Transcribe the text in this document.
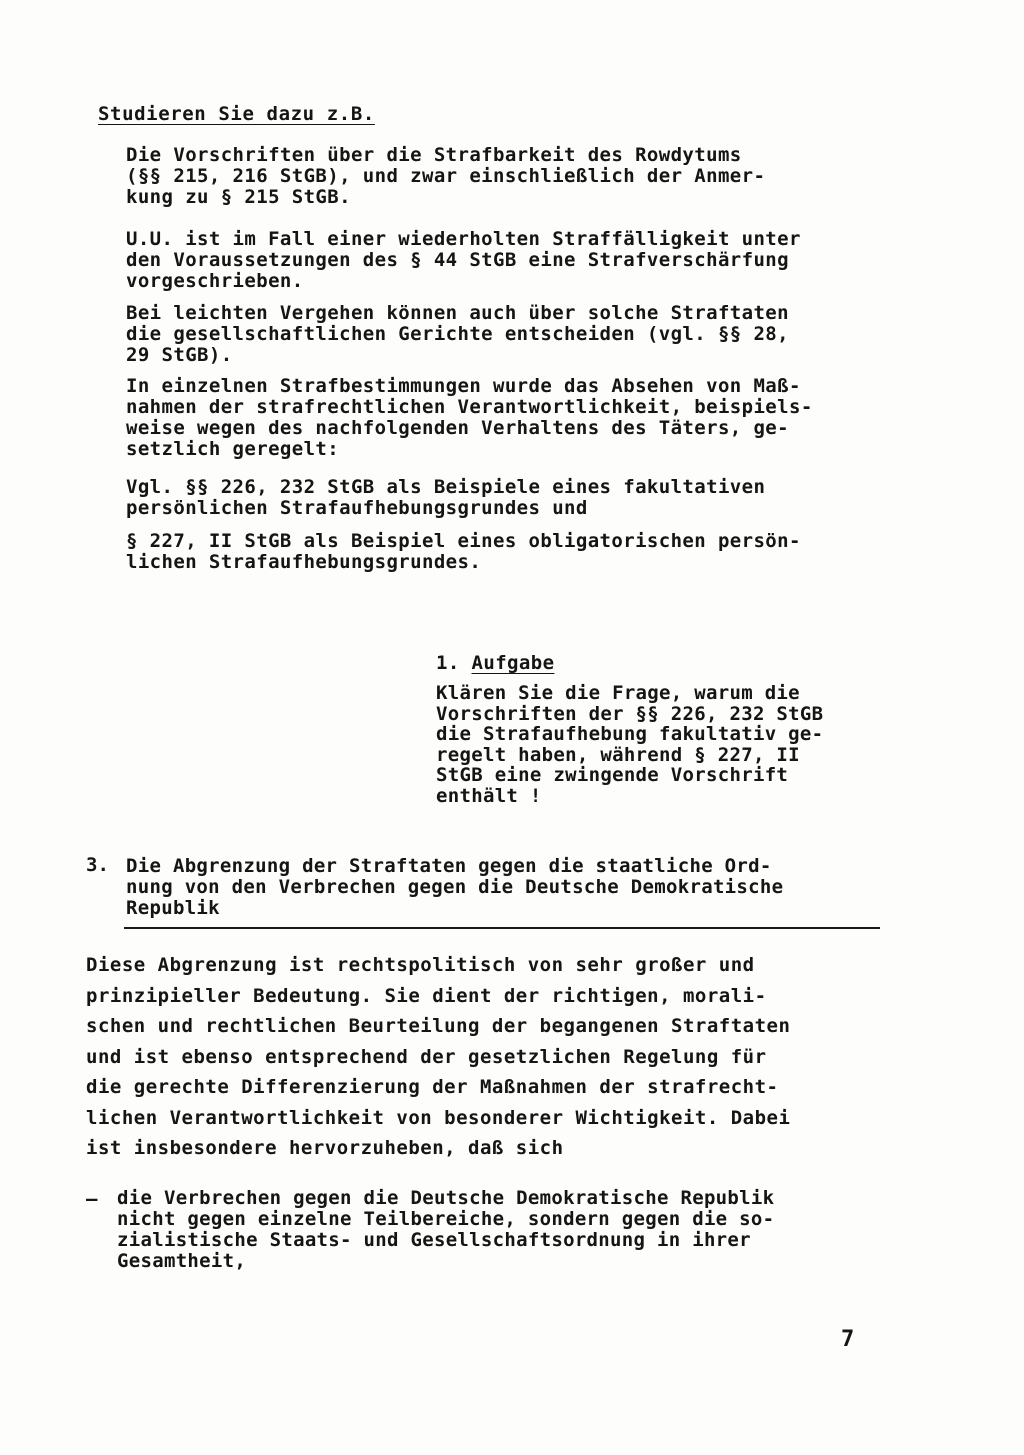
Studieren Sie dazu z.B.

Die Vorschriften über die Strafbarkeit des Rowdytums
(§§ 215, 216 StGB), und zwar einschließlich der Anmer-
kung zu § 215 StGB.

U.U. ist im Fall einer wiederholten Straffälligkeit unter
den Voraussetzungen des § 44 StGB eine Strafverschärfung
vorgeschrieben.

Bei leichten Vergehen können auch über solche Straftaten
die gesellschaftlichen Gerichte entscheiden (vgl. §§ 28,
29 StGB).

In einzelnen Strafbestimmungen wurde das Absehen von Maß-
nahmen der strafrechtlichen Verantwortlichkeit, beispiels-
weise wegen des nachfolgenden Verhaltens des Täters, ge-
setzlich geregelt:

Vgl. §§ 226, 232 StGB als Beispiele eines fakultativen
persönlichen Strafaufhebungsgrundes und

§ 227, II StGB als Beispiel eines obligatorischen persön-
lichen Strafaufhebungsgrundes.

1. Aufgabe

Klären Sie die Frage, warum die
Vorschriften der §§ 226, 232 StGB
die Strafaufhebung fakultativ ge-
regelt haben, während § 227, II
StGB eine zwingende Vorschrift
enthält !

3. Die Abgrenzung der Straftaten gegen die staatliche Ord-
nung von den Verbrechen gegen die Deutsche Demokratische
Republik

Diese Abgrenzung ist rechtspolitisch von sehr großer und
prinzipieller Bedeutung. Sie dient der richtigen, morali-
schen und rechtlichen Beurteilung der begangenen Straftaten
und ist ebenso entsprechend der gesetzlichen Regelung für
die gerechte Differenzierung der Maßnahmen der strafrecht-
lichen Verantwortlichkeit von besonderer Wichtigkeit. Dabei
ist insbesondere hervorzuheben, daß sich

– die Verbrechen gegen die Deutsche Demokratische Republik
nicht gegen einzelne Teilbereiche, sondern gegen die so-
zialistische Staats- und Gesellschaftsordnung in ihrer
Gesamtheit,

7
